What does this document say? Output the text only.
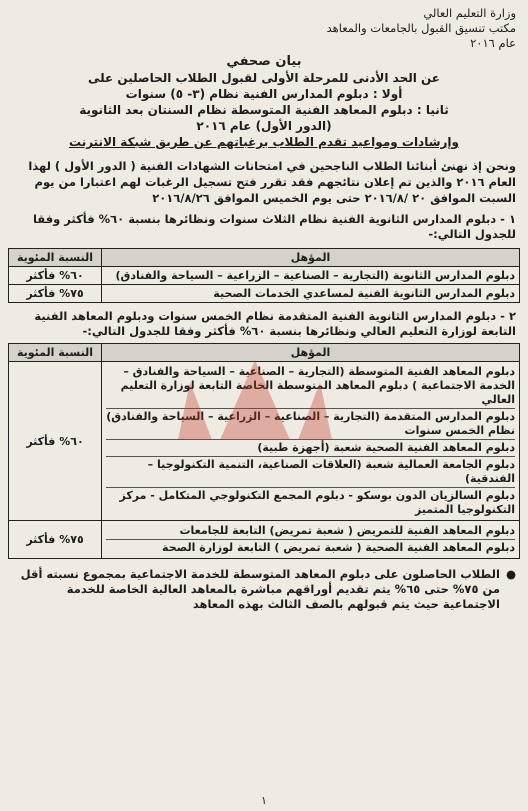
وزارة التعليم العالي
مكتب تنسيق القبول بالجامعات والمعاهد
عام ٢٠١٦
بيان صحفي
عن الحد الأدنى للمرحلة الأولى لقبول الطلاب الحاصلين على
أولا : دبلوم المدارس الفنية نظام (٣- ٥) سنوات
ثانيا : دبلوم المعاهد الفنية المتوسطة نظام السنتان بعد الثانوية
(الدور الأول) عام ٢٠١٦
وإرشادات ومواعيد تقدم الطلاب برغباتهم عن طريق شبكة الانترنت
ونحن إذ نهنئ أبنائنا الطلاب الناجحين في امتحانات الشهادات الفنية ( الدور الأول ) لهذا العام ٢٠١٦ والذين تم إعلان نتائجهم فقد تقرر فتح تسجيل الرغبات لهم اعتبارا من يوم السبت الموافق ٢٠ /٢٠١٦/٨ حتى يوم الخميس الموافق ٢٠١٦/٨/٢٦
١ - دبلوم المدارس الثانوية الفنية نظام الثلاث سنوات ونظائرها بنسبة ٦٠% فأكثر وفقا للجدول التالي:-
المؤهل	النسبة المئوية
دبلوم المدارس الثانوية (التجارية – الصناعية – الزراعية – السياحة والفنادق)	٦٠% فأكثر
دبلوم المدارس الثانوية الفنية لمساعدي الخدمات الصحية	٧٥% فأكثر
٢ - دبلوم المدارس الثانوية الفنية المتقدمة نظام الخمس سنوات ودبلوم المعاهد الفنية التابعة لوزارة التعليم العالي ونظائرها بنسبة ٦٠% فأكثر وفقا للجدول التالي:-
المؤهل	النسبة المئوية

دبلوم المعاهد الفنية المتوسطة (التجارية – الصناعية – السياحة والفنادق – الخدمة الاجتماعية ) دبلوم المعاهد المتوسطة الخاصة التابعة لوزارة التعليم العالي
دبلوم المدارس المتقدمة (التجارية – الصناعية – الزراعية – السياحة والفنادق) نظام الخمس سنوات
دبلوم المعاهد الفنية الصحية شعبة (أجهزة طبية)
دبلوم الجامعة العمالية شعبة (العلاقات الصناعية، التنمية التكنولوجيا – الفندقية)
دبلوم السالزيان الدون بوسكو - دبلوم المجمع التكنولوجي المتكامل - مركز التكنولوجيا المتميز	٦٠% فأكثر

دبلوم المعاهد الفنية للتمريض ( شعبة تمريض) التابعة للجامعات
دبلوم المعاهد الفنية الصحية ( شعبة تمريض ) التابعة لوزارة الصحة	٧٥% فأكثر
●
الطلاب الحاصلون على دبلوم المعاهد المتوسطة للخدمة الاجتماعية بمجموع نسبته أقل من ٧٥% حتى ٦٥% يتم تقديم أوراقهم مباشرة بالمعاهد العالية الخاصة للخدمة الاجتماعية حيث يتم قبولهم بالصف الثالث بهذه المعاهد
١
